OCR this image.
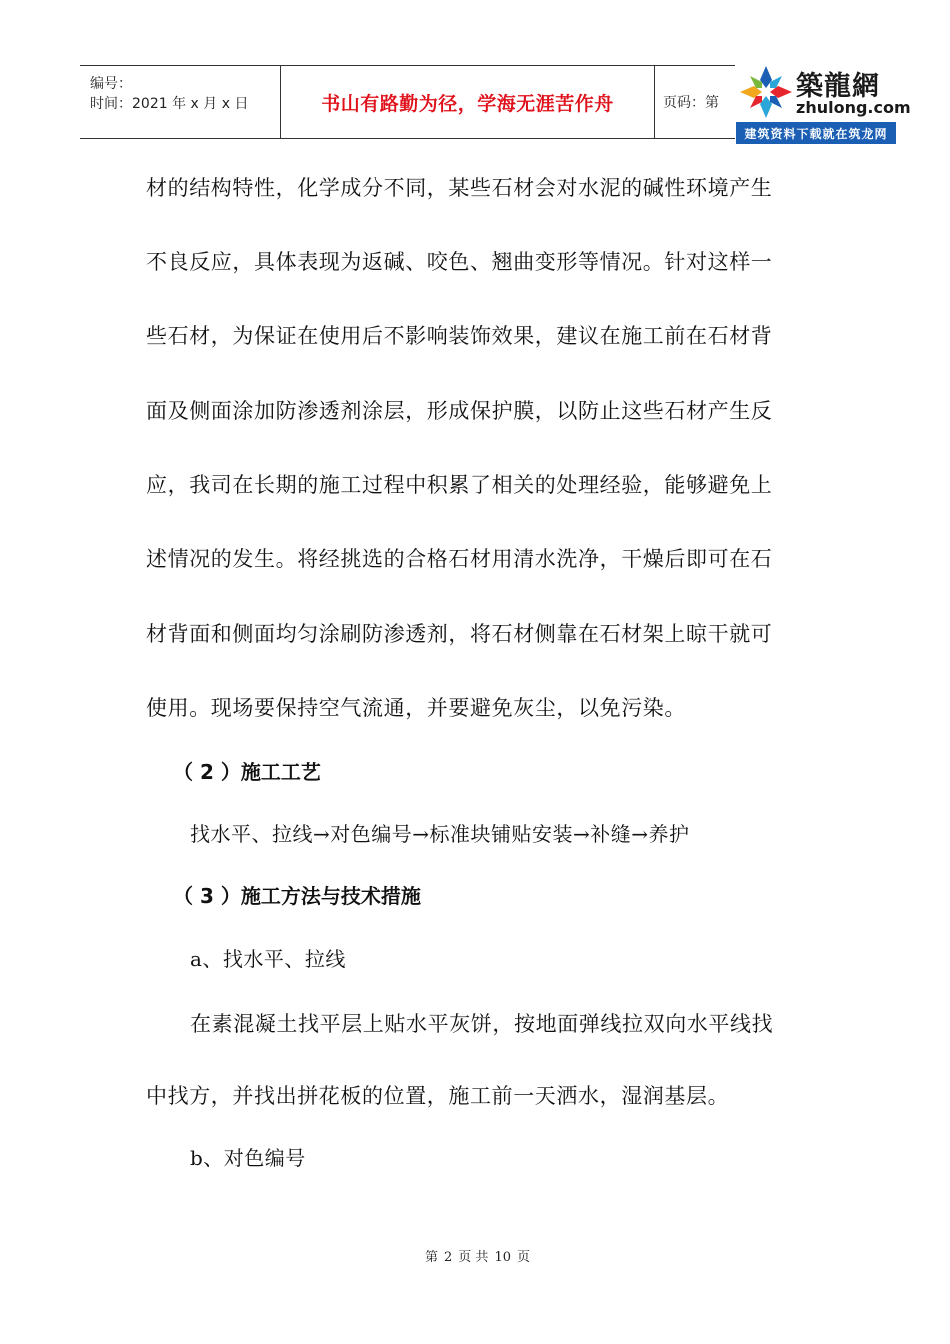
编号：
时间：2021 年 x 月 x 日	书山有路勤为径，学海无涯苦作舟	页码：第
築龍網
zhulong.com
建筑资料下载就在筑龙网
材的结构特性，化学成分不同，某些石材会对水泥的碱性环境产生
不良反应，具体表现为返碱、咬色、翘曲变形等情况。针对这样一
些石材，为保证在使用后不影响装饰效果，建议在施工前在石材背
面及侧面涂加防渗透剂涂层，形成保护膜，以防止这些石材产生反
应，我司在长期的施工过程中积累了相关的处理经验，能够避免上
述情况的发生。将经挑选的合格石材用清水洗净，干燥后即可在石
材背面和侧面均匀涂刷防渗透剂，将石材侧靠在石材架上晾干就可
使用。现场要保持空气流通，并要避免灰尘，以免污染。
（ 2 ）施工工艺
找水平、拉线→对色编号→标准块铺贴安装→补缝→养护
（ 3 ）施工方法与技术措施
a、找水平、拉线
在素混凝土找平层上贴水平灰饼，按地面弹线拉双向水平线找
中找方，并找出拼花板的位置，施工前一天洒水，湿润基层。
b、对色编号
第 2 页 共 10 页
